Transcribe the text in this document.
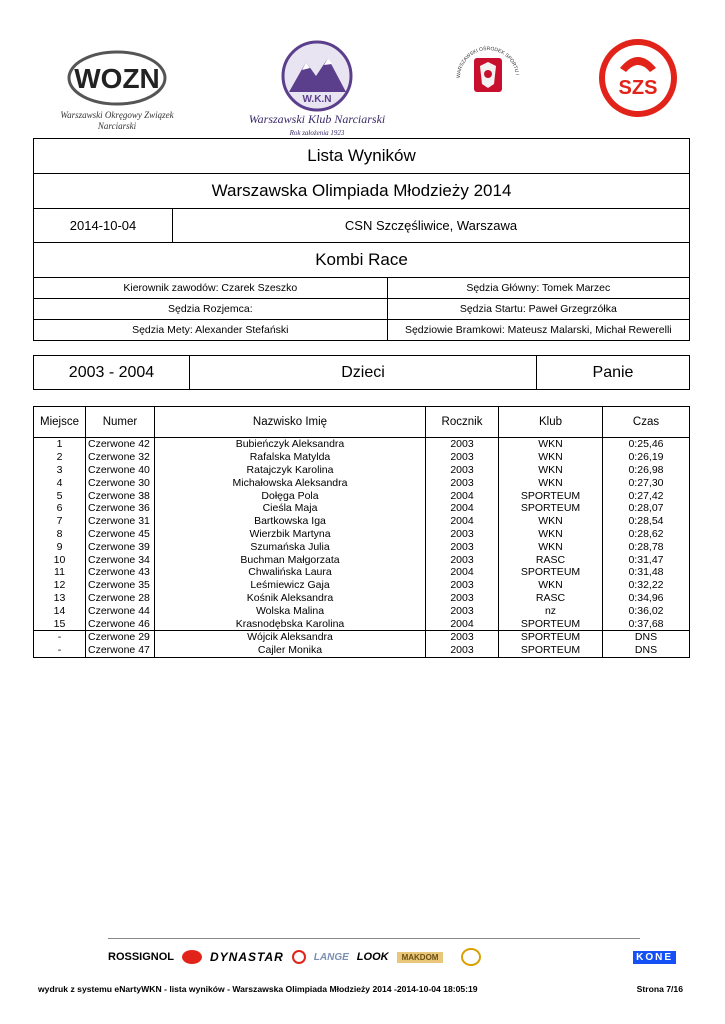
WOZN
Warszawski Okręgowy Związek
Narciarski
W.K.N
Warszawski Klub Narciarski
Rok założenia 1923
WARSZAWSKI OŚRODEK SPORTU I
SZS
Lista Wyników		
Warszawska Olimpiada Młodzieży 2014		
2014-10-04	CSN Szczęśliwice, Warszawa	
Kombi Race		
Kierownik zawodów: Czarek Szeszko		Sędzia Główny: Tomek Marzec
Sędzia Rozjemca:		Sędzia Startu: Paweł Grzegrzółka
Sędzia Mety: Alexander Stefański		Sędziowie Bramkowi: Mateusz Malarski, Michał Rewerelli
2003 - 2004	Dzieci	Panie
Miejsce	Numer	Nazwisko Imię	Rocznik	Klub	Czas
1	Czerwone 42	Bubieńczyk Aleksandra	2003	WKN	0:25,46
2	Czerwone 32	Rafalska Matylda	2003	WKN	0:26,19
3	Czerwone 40	Ratajczyk Karolina	2003	WKN	0:26,98
4	Czerwone 30	Michałowska Aleksandra	2003	WKN	0:27,30
5	Czerwone 38	Dołęga Pola	2004	SPORTEUM	0:27,42
6	Czerwone 36	Cieśla Maja	2004	SPORTEUM	0:28,07
7	Czerwone 31	Bartkowska Iga	2004	WKN	0:28,54
8	Czerwone 45	Wierzbik Martyna	2003	WKN	0:28,62
9	Czerwone 39	Szumańska Julia	2003	WKN	0:28,78
10	Czerwone 34	Buchman Małgorzata	2003	RASC	0:31,47
11	Czerwone 43	Chwalińska Laura	2004	SPORTEUM	0:31,48
12	Czerwone 35	Leśmiewicz Gaja	2003	WKN	0:32,22
13	Czerwone 28	Kośnik Aleksandra	2003	RASC	0:34,96
14	Czerwone 44	Wolska Malina	2003	nz	0:36,02
15	Czerwone 46	Krasnodębska Karolina	2004	SPORTEUM	0:37,68
-	Czerwone 29	Wójcik Aleksandra	2003	SPORTEUM	DNS
-	Czerwone 47	Cajler Monika	2003	SPORTEUM	DNS
ROSSIGNOL	DYNASTAR	LANGE LOOK	MAKDOM	KONE
wydruk z systemu eNartyWKN - lista wyników - Warszawska Olimpiada Młodzieży 2014 -2014-10-04 18:05:19	Strona 7/16
